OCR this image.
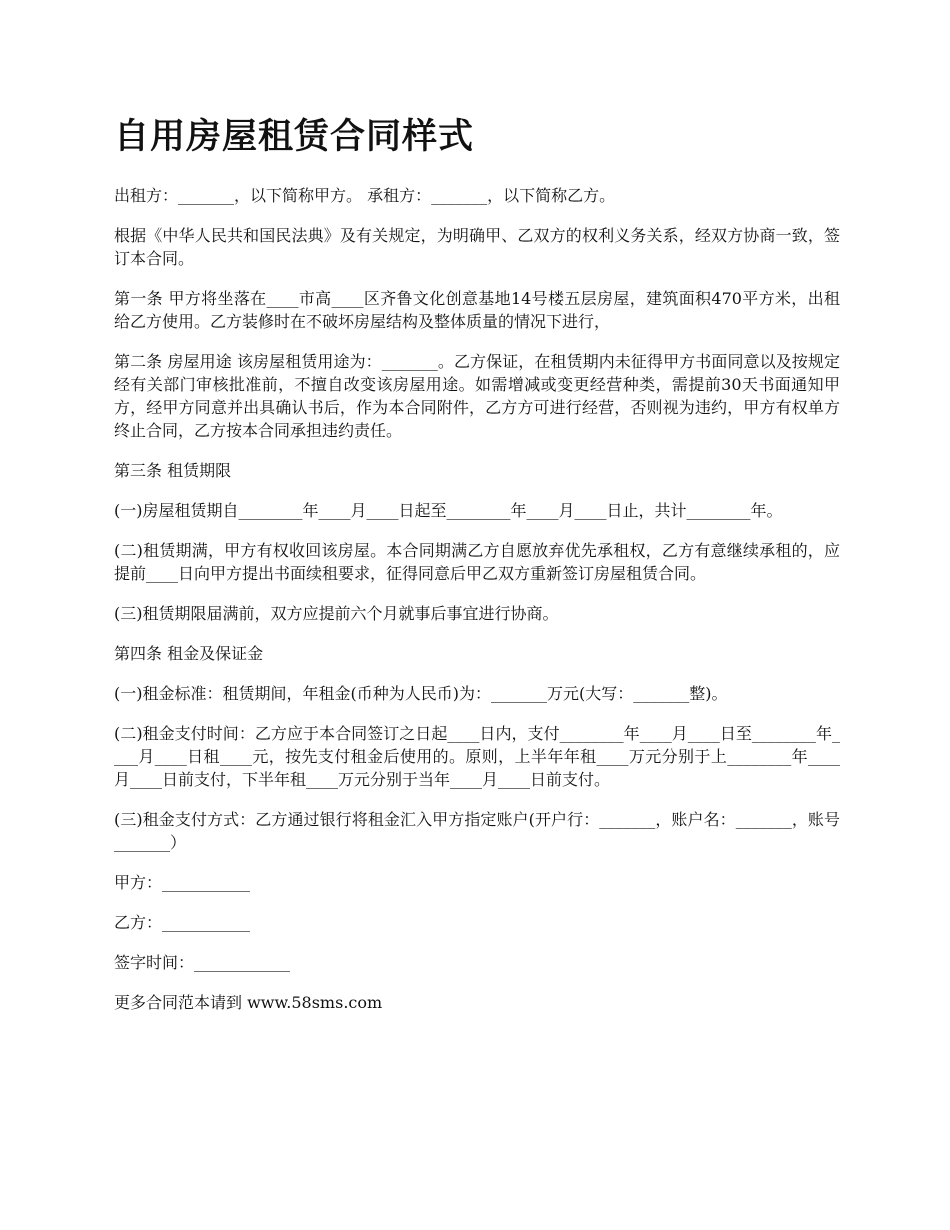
自用房屋租赁合同样式

出租方：_______，以下简称甲方。 承租方：_______，以下简称乙方。

根据《中华人民共和国民法典》及有关规定，为明确甲、乙双方的权利义务关系，经双方协商一致，签订本合同。

第一条 甲方将坐落在____市高____区齐鲁文化创意基地14号楼五层房屋，建筑面积470平方米，出租给乙方使用。乙方装修时在不破坏房屋结构及整体质量的情况下进行，

第二条 房屋用途 该房屋租赁用途为：_______。乙方保证，在租赁期内未征得甲方书面同意以及按规定经有关部门审核批准前，不擅自改变该房屋用途。如需增减或变更经营种类，需提前30天书面通知甲方，经甲方同意并出具确认书后，作为本合同附件，乙方方可进行经营，否则视为违约，甲方有权单方终止合同，乙方按本合同承担违约责任。

第三条 租赁期限

(一)房屋租赁期自________年____月____日起至________年____月____日止，共计________年。

(二)租赁期满，甲方有权收回该房屋。本合同期满乙方自愿放弃优先承租权，乙方有意继续承租的，应提前____日向甲方提出书面续租要求，征得同意后甲乙双方重新签订房屋租赁合同。

(三)租赁期限届满前，双方应提前六个月就事后事宜进行协商。

第四条 租金及保证金

(一)租金标准：租赁期间，年租金(币种为人民币)为：_______万元(大写：_______整)。

(二)租金支付时间：乙方应于本合同签订之日起____日内，支付________年____月____日至________年____月____日租____元，按先支付租金后使用的。原则，上半年年租____万元分别于上________年____月____日前支付，下半年租____万元分别于当年____月____日前支付。

(三)租金支付方式：乙方通过银行将租金汇入甲方指定账户(开户行：_______，账户名：_______，账号_______）

甲方：___________

乙方：___________

签字时间：____________

更多合同范本请到 www.58sms.com
